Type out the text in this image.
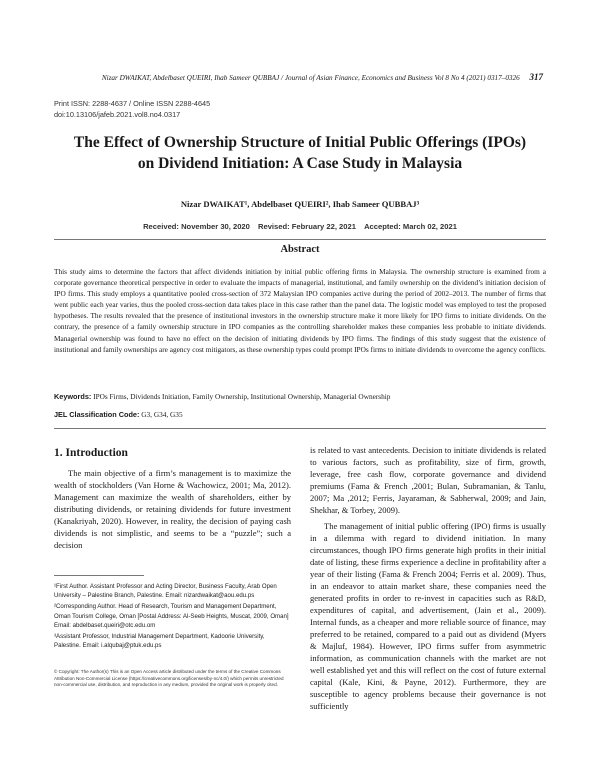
Nizar DWAIKAT, Abdelbaset QUEIRI, Ihab Sameer QUBBAJ / Journal of Asian Finance, Economics and Business Vol 8 No 4 (2021) 0317–0326 317
Print ISSN: 2288-4637 / Online ISSN 2288-4645
doi:10.13106/jafeb.2021.vol8.no4.0317
The Effect of Ownership Structure of Initial Public Offerings (IPOs)
on Dividend Initiation: A Case Study in Malaysia
Nizar DWAIKAT¹, Abdelbaset QUEIRI², Ihab Sameer QUBBAJ³
Received: November 30, 2020 Revised: February 22, 2021 Accepted: March 02, 2021
Abstract

This study aims to determine the factors that affect dividends initiation by initial public offering firms in Malaysia. The ownership structure is examined from a corporate governance theoretical perspective in order to evaluate the impacts of managerial, institutional, and family ownership on the dividend’s initiation decision of IPO firms. This study employs a quantitative pooled cross-section of 372 Malaysian IPO companies active during the period of 2002–2013. The number of firms that went public each year varies, thus the pooled cross-section data takes place in this case rather than the panel data. The logistic model was employed to test the proposed hypotheses. The results revealed that the presence of institutional investors in the ownership structure make it more likely for IPO firms to initiate dividends. On the contrary, the presence of a family ownership structure in IPO companies as the controlling shareholder makes these companies less probable to initiate dividends. Managerial ownership was found to have no effect on the decision of initiating dividends by IPO firms. The findings of this study suggest that the existence of institutional and family ownerships are agency cost mitigators, as these ownership types could prompt IPOs firms to initiate dividends to overcome the agency conflicts.

Keywords: IPOs Firms, Dividends Initiation, Family Ownership, Institutional Ownership, Managerial Ownership
JEL Classification Code: G3, G34, G35
1. Introduction

The main objective of a firm’s management is to maximize the wealth of stockholders (Van Horne & Wachowicz, 2001; Ma, 2012). Management can maximize the wealth of shareholders, either by distributing dividends, or retaining dividends for future investment (Kanakriyah, 2020). However, in reality, the decision of paying cash dividends is not simplistic, and seems to be a “puzzle”; such a decision

is related to vast antecedents. Decision to initiate dividends is related to various factors, such as profitability, size of firm, growth, leverage, free cash flow, corporate governance and dividend premiums (Fama & French ,2001; Bulan, Subramanian, & Tanlu, 2007; Ma ,2012; Ferris, Jayaraman, & Sabherwal, 2009; and Jain, Shekhar, & Torbey, 2009).

The management of initial public offering (IPO) firms is usually in a dilemma with regard to dividend initiation. In many circumstances, though IPO firms generate high profits in their initial date of listing, these firms experience a decline in profitability after a year of their listing (Fama & French 2004; Ferris et al. 2009). Thus, in an endeavor to attain market share, these companies need the generated profits in order to re-invest in capacities such as R&D, expenditures of capital, and advertisement, (Jain et al., 2009). Internal funds, as a cheaper and more reliable source of finance, may preferred to be retained, compared to a paid out as dividend (Myers & Majluf, 1984). However, IPO firms suffer from asymmetric information, as communication channels with the market are not well established yet and this will reflect on the cost of future external capital (Kale, Kini, & Payne, 2012). Furthermore, they are susceptible to agency problems because their governance is not sufficiently

¹First Author. Assistant Professor and Acting Director, Business Faculty, Arab Open University – Palestine Branch, Palestine. Email: nizardwaikat@aou.edu.ps

²Corresponding Author. Head of Research, Tourism and Management Department, Oman Tourism College, Oman [Postal Address: Al-Seeb Heights, Muscat, 2009, Oman] Email: abdelbaset.queiri@otc.edu.om

³Assistant Professor, Industrial Management Department, Kadoorie University, Palestine. Email: i.alqubaj@ptuk.edu.ps

© Copyright: The Author(s) This is an Open Access article distributed under the terms of the Creative Commons Attribution Non-Commercial License (https://creativecommons.org/licenses/by-nc/4.0/) which permits unrestricted non-commercial use, distribution, and reproduction in any medium, provided the original work is properly cited.
